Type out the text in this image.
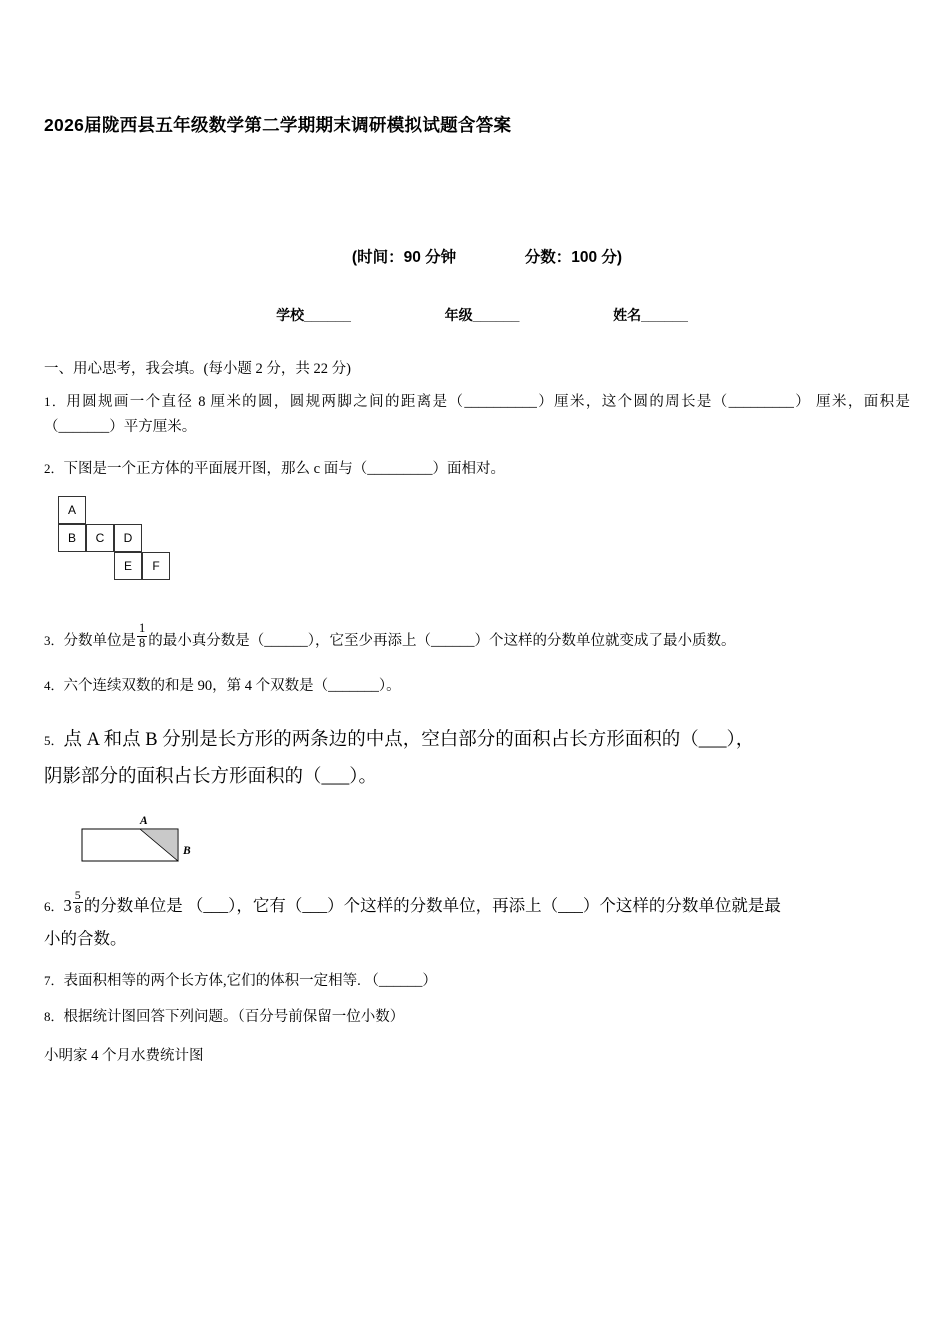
2026届陇西县五年级数学第二学期期末调研模拟试题含答案
(时间：90 分钟	分数：100 分)
学校______	年级______	姓名______
一、用心思考，我会填。(每小题 2 分，共 22 分)
1．用圆规画一个直径 8 厘米的圆，圆规两脚之间的距离是（__________）厘米，这个圆的周长是（_________） 厘米，面积是（_______）平方厘米。
2．下图是一个正方体的平面展开图，那么 c 面与（_________）面相对。
A
B	C	D
E	F
3．分数单位是 $\frac{1}{8}$ 的最小真分数是（______），它至少再添上（______）个这样的分数单位就变成了最小质数。
4．六个连续双数的和是 90，第 4 个双数是（_______）。
5．点 A 和点 B 分别是长方形的两条边的中点，空白部分的面积占长方形面积的（___），
阴影部分的面积占长方形面积的（___）。
A
B
6．$3 \frac{5}{8}$ 的分数单位是 （___），它有（___）个这样的分数单位，再添上（___）个这样的分数单位就是最
小的合数。
7．表面积相等的两个长方体,它们的体积一定相等. （______）
8．根据统计图回答下列问题。（百分号前保留一位小数）
小明家 4 个月水费统计图
